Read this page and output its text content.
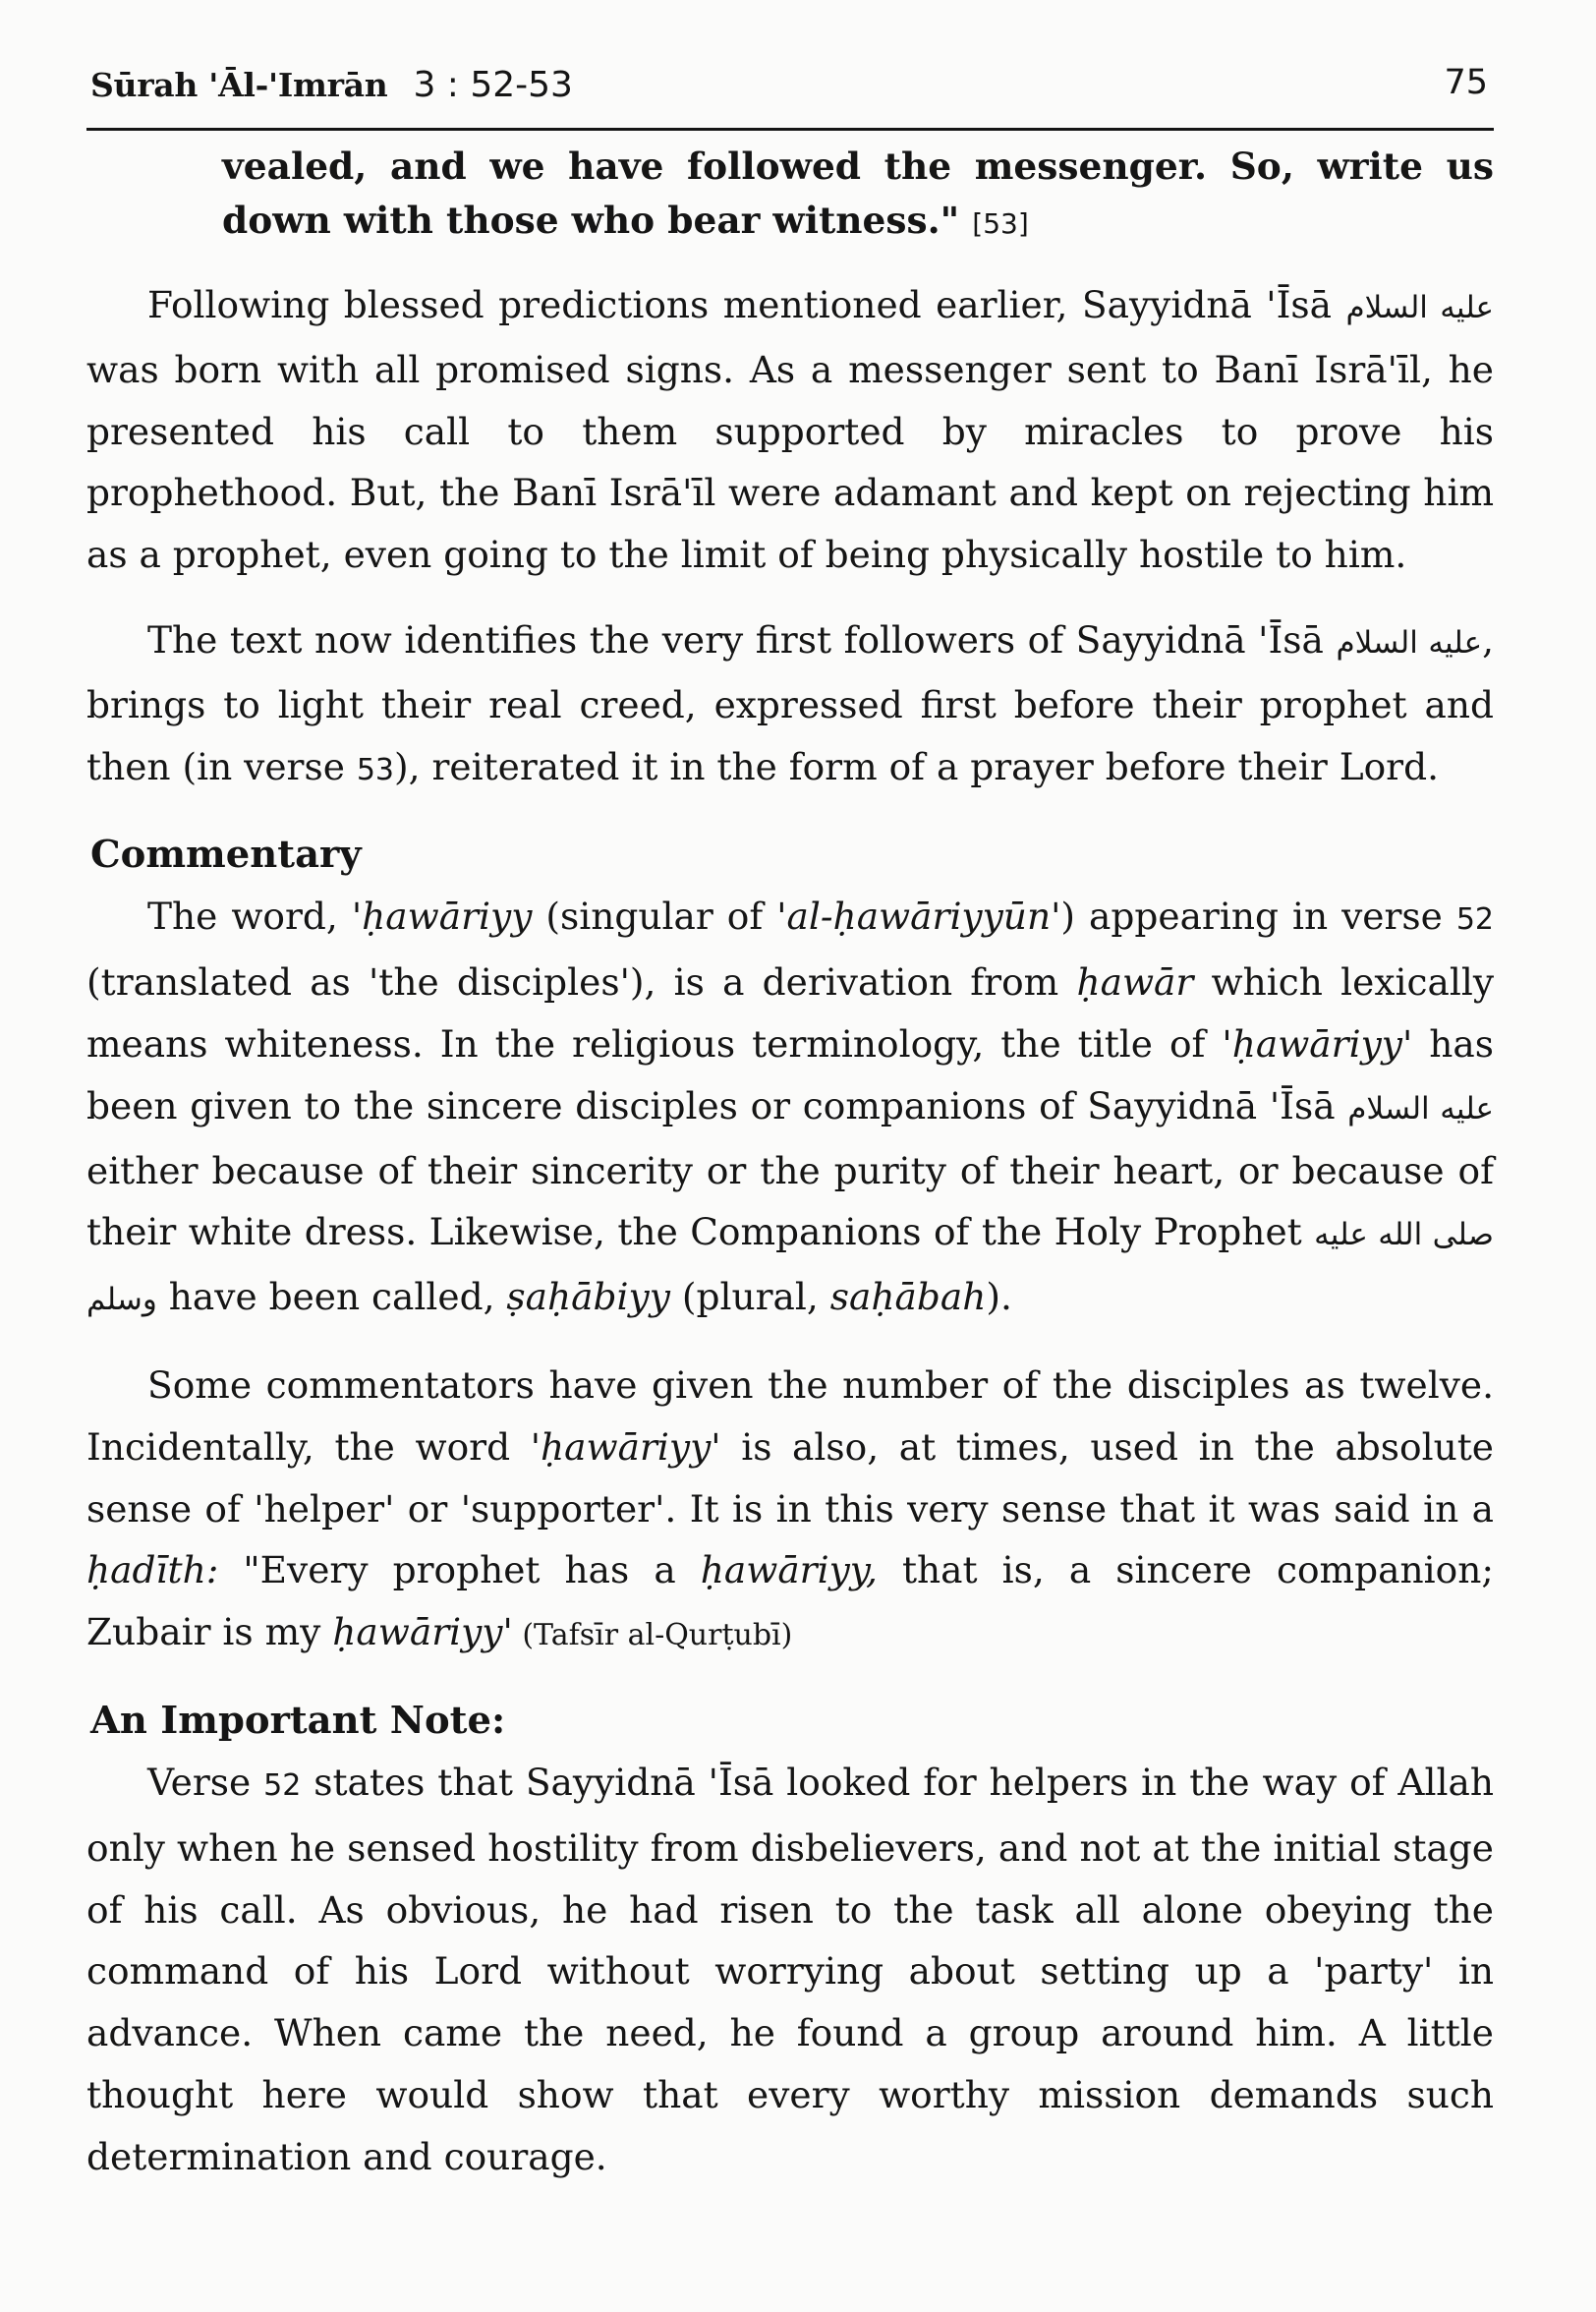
Sūrah 'Āl-'Imrān 3 : 52-53	75

vealed, and we have followed the messenger. So, write us down with those who bear witness." [53]

Following blessed predictions mentioned earlier, Sayyidnā 'Īsā عليه السلام was born with all promised signs. As a messenger sent to Banī Isrā'īl, he presented his call to them supported by miracles to prove his prophethood. But, the Banī Isrā'īl were adamant and kept on rejecting him as a prophet, even going to the limit of being physically hostile to him.

The text now identifies the very first followers of Sayyidnā 'Īsā عليه السلام, brings to light their real creed, expressed first before their prophet and then (in verse 53), reiterated it in the form of a prayer before their Lord.

Commentary

The word, 'ḥawāriyy (singular of 'al-ḥawāriyyūn') appearing in verse 52 (translated as 'the disciples'), is a derivation from ḥawār which lexically means whiteness. In the religious terminology, the title of 'ḥawāriyy' has been given to the sincere disciples or companions of Sayyidnā 'Īsā عليه السلام either because of their sincerity or the purity of their heart, or because of their white dress. Likewise, the Companions of the Holy Prophet صلى الله عليه وسلم have been called, ṣaḥābiyy (plural, saḥābah).

Some commentators have given the number of the disciples as twelve. Incidentally, the word 'ḥawāriyy' is also, at times, used in the absolute sense of 'helper' or 'supporter'. It is in this very sense that it was said in a ḥadīth: "Every prophet has a ḥawāriyy, that is, a sincere companion; Zubair is my ḥawāriyy' (Tafsīr al-Qurṭubī)

An Important Note:

Verse 52 states that Sayyidnā 'Īsā looked for helpers in the way of Allah only when he sensed hostility from disbelievers, and not at the initial stage of his call. As obvious, he had risen to the task all alone obeying the command of his Lord without worrying about setting up a 'party' in advance. When came the need, he found a group around him. A little thought here would show that every worthy mission demands such determination and courage.
